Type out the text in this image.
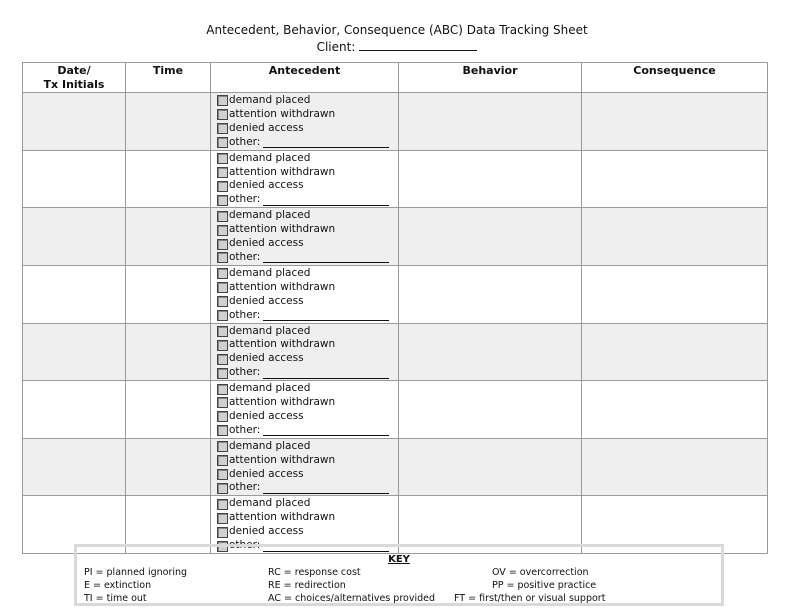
Antecedent, Behavior, Consequence (ABC) Data Tracking Sheet
Client:
Date/
Tx Initials	Time	Antecedent	Behavior	Consequence

		demand placed
attention withdrawn
denied access
other:		

		demand placed
attention withdrawn
denied access
other:		

		demand placed
attention withdrawn
denied access
other:		

		demand placed
attention withdrawn
denied access
other:		

		demand placed
attention withdrawn
denied access
other:		

		demand placed
attention withdrawn
denied access
other:		

		demand placed
attention withdrawn
denied access
other:		

		demand placed
attention withdrawn
denied access
other:		

KEY
PI = planned ignoring	RC = response cost	OV = overcorrection
E = extinction	RE = redirection	PP = positive practice
TI = time out	AC = choices/alternatives provided FT = first/then or visual support
